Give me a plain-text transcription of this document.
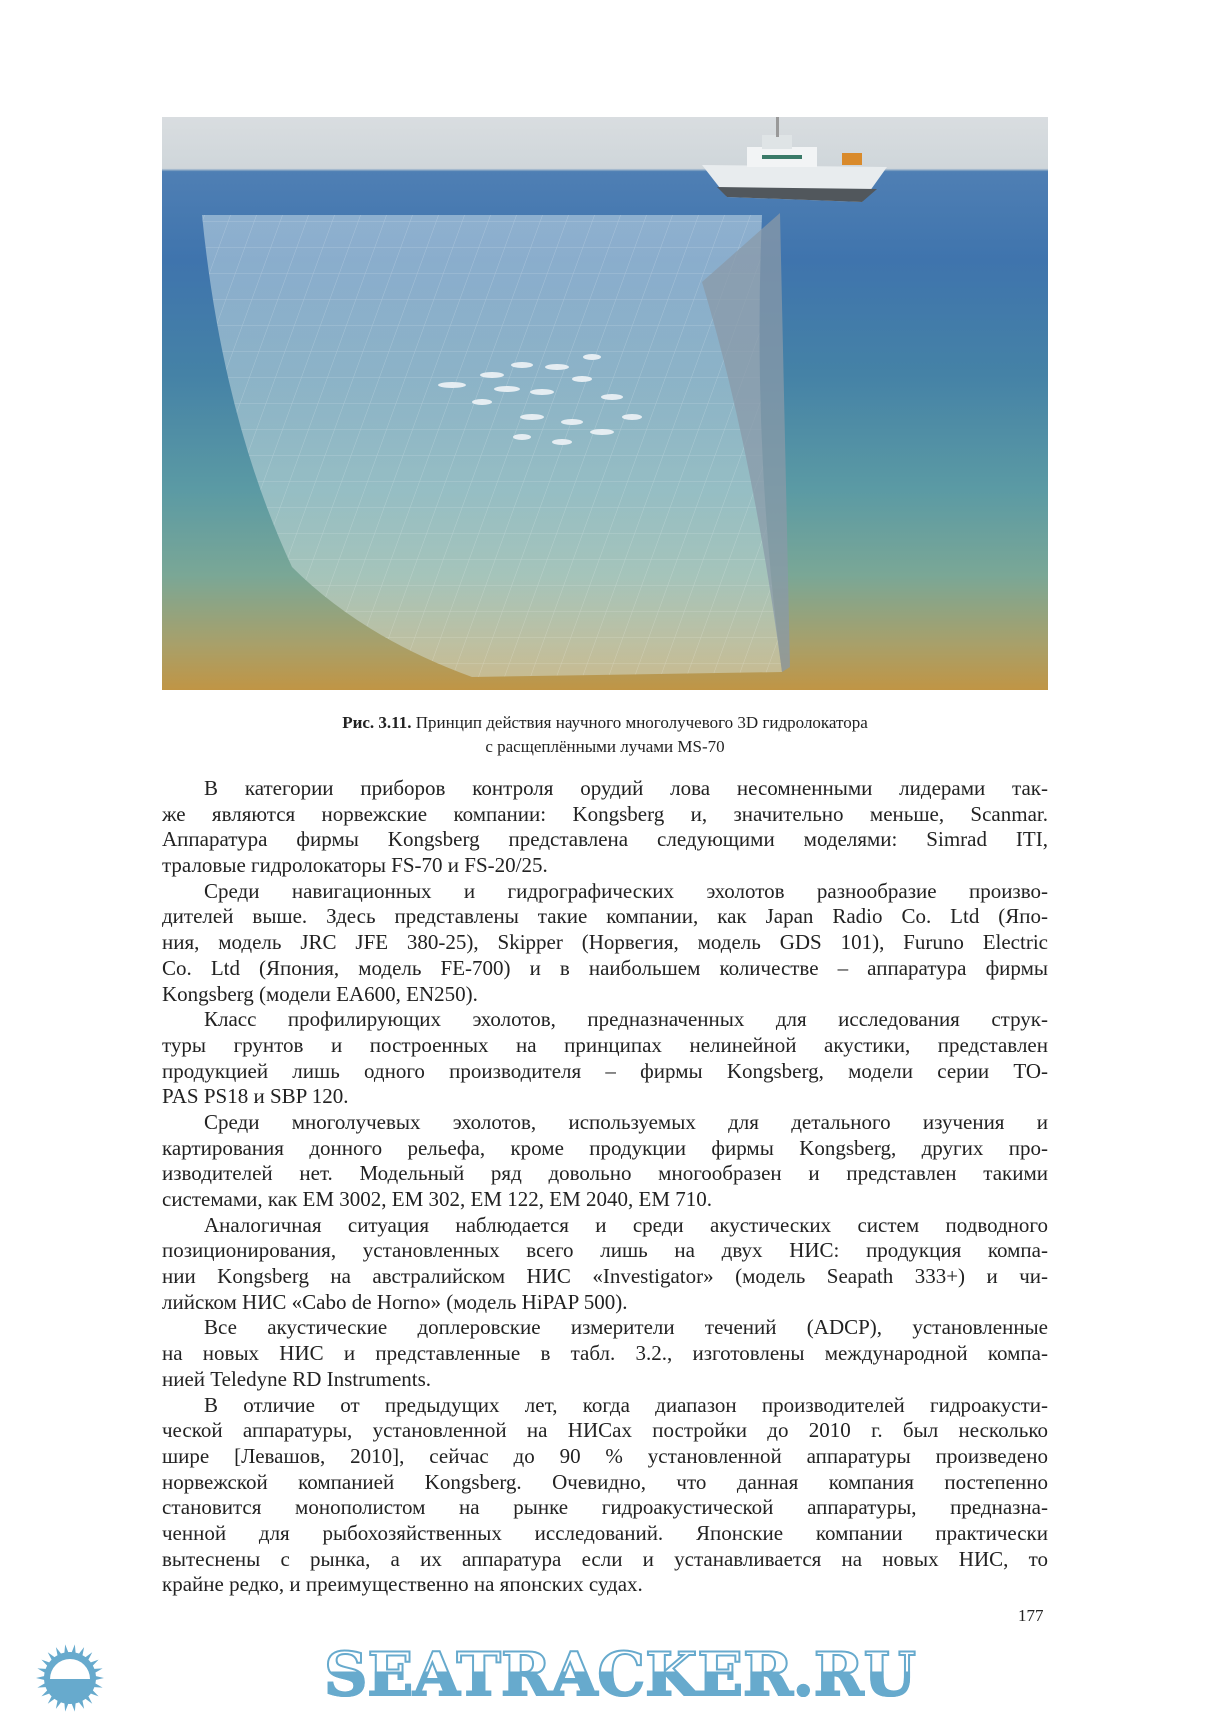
Рис. 3.11. Принцип действия научного многолучевого 3D гидролокатора
с расщеплёнными лучами MS-70
В категории приборов контроля орудий лова несомненными лидерами так-
же являются норвежские компании: Kongsberg и, значительно меньше, Scanmar.
Аппаратура фирмы Kongsberg представлена следующими моделями: Simrad ITI,
траловые гидролокаторы FS-70 и FS-20/25.
Среди навигационных и гидрографических эхолотов разнообразие произво-
дителей выше. Здесь представлены такие компании, как Japan Radio Co. Ltd (Япо-
ния, модель JRC JFE 380-25), Skipper (Норвегия, модель GDS 101), Furuno Electric
Co. Ltd (Япония, модель FE-700) и в наибольшем количестве – аппаратура фирмы
Kongsberg (модели EA600, EN250).
Класс профилирующих эхолотов, предназначенных для исследования струк-
туры грунтов и построенных на принципах нелинейной акустики, представлен
продукцией лишь одного производителя – фирмы Kongsberg, модели серии TO-
PAS PS18 и SBP 120.
Среди многолучевых эхолотов, используемых для детального изучения и
картирования донного рельефа, кроме продукции фирмы Kongsberg, других про-
изводителей нет. Модельный ряд довольно многообразен и представлен такими
системами, как EM 3002, EM 302, EM 122, EM 2040, EM 710.
Аналогичная ситуация наблюдается и среди акустических систем подводного
позиционирования, установленных всего лишь на двух НИС: продукция компа-
нии Kongsberg на австралийском НИС «Investigator» (модель Seapath 333+) и чи-
лийском НИС «Cabo de Horno» (модель HiPAP 500).
Все акустические доплеровские измерители течений (ADCP), установленные
на новых НИС и представленные в табл. 3.2., изготовлены международной компа-
нией Teledyne RD Instruments.
В отличие от предыдущих лет, когда диапазон производителей гидроакусти-
ческой аппаратуры, установленной на НИСах постройки до 2010 г. был несколько
шире [Левашов, 2010], сейчас до 90 % установленной аппаратуры произведено
норвежской компанией Kongsberg. Очевидно, что данная компания постепенно
становится монополистом на рынке гидроакустической аппаратуры, предназна-
ченной для рыбохозяйственных исследований. Японские компании практически
вытеснены с рынка, а их аппаратура если и устанавливается на новых НИС, то
крайне редко, и преимущественно на японских судах.
177
SEATRACKER.RU
